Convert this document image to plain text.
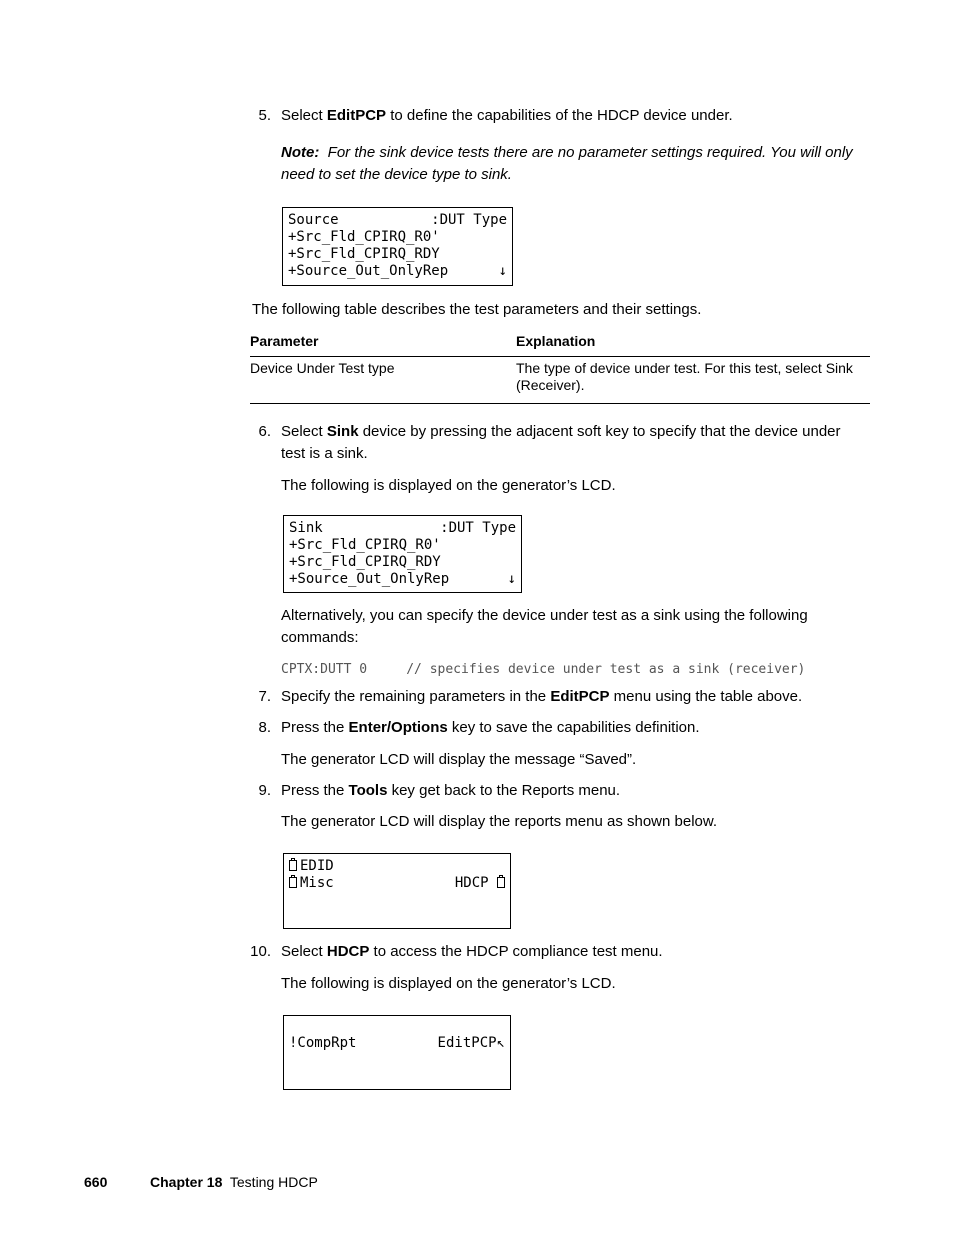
5. Select EditPCP to define the capabilities of the HDCP device under.
Note: For the sink device tests there are no parameter settings required. You will only
need to set the device type to sink.
Source	:DUT Type
+Src_Fld_CPIRQ_R0'
+Src_Fld_CPIRQ_RDY
+Source_Out_OnlyRep	↓
The following table describes the test parameters and their settings.
Parameter	Explanation
Device Under Test type	The type of device under test. For this test, select Sink
(Receiver).
6. Select Sink device by pressing the adjacent soft key to specify that the device under
test is a sink.
The following is displayed on the generator’s LCD.
Sink	:DUT Type
+Src_Fld_CPIRQ_R0'
+Src_Fld_CPIRQ_RDY
+Source_Out_OnlyRep	↓
Alternatively, you can specify the device under test as a sink using the following
commands:
CPTX:DUTT 0     // specifies device under test as a sink (receiver)
7. Specify the remaining parameters in the EditPCP menu using the table above.
8. Press the Enter/Options key to save the capabilities definition.
The generator LCD will display the message “Saved”.
9. Press the Tools key get back to the Reports menu.
The generator LCD will display the reports menu as shown below.
EDID
Misc	HDCP
10. Select HDCP to access the HDCP compliance test menu.
The following is displayed on the generator’s LCD.
!CompRpt	EditPCP↖
660	Chapter 18 Testing HDCP
